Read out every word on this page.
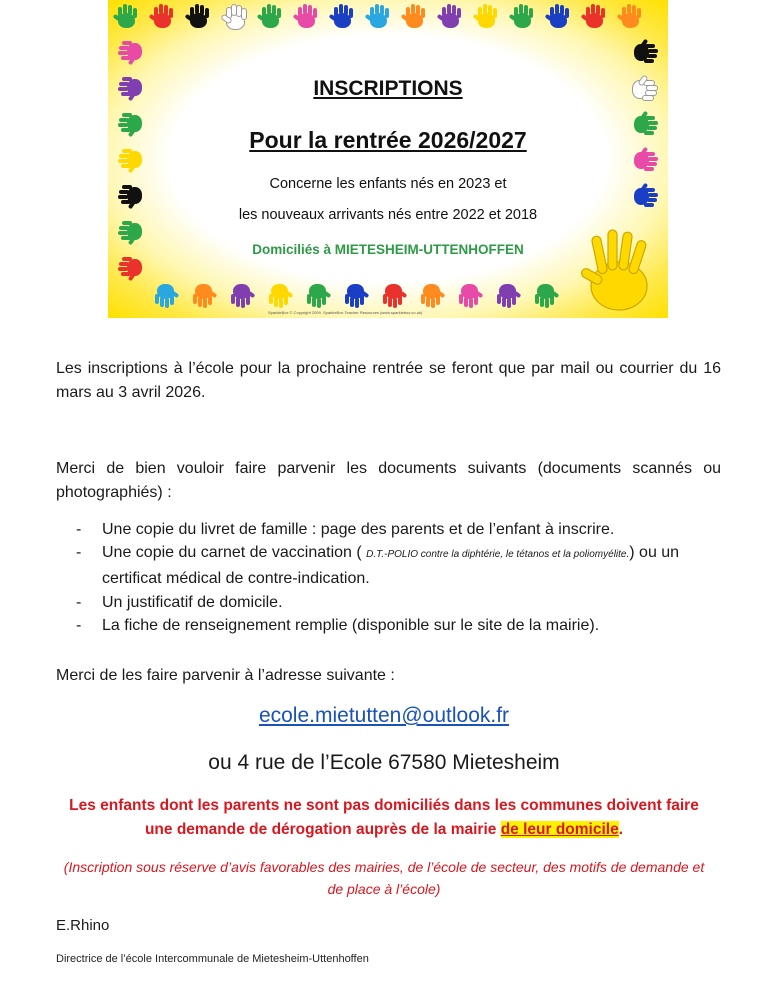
INSCRIPTIONS
Pour la rentrée 2026/2027
Concerne les enfants nés en 2023 et
les nouveaux arrivants nés entre 2022 et 2018
Domiciliés à MIETESHEIM-UTTENHOFFEN
SparkleBox © Copyright 2009, SparkleBox Teacher Resources (www.sparklebox.co.uk)
Les inscriptions à l’école pour la prochaine rentrée se feront que par mail ou courrier du 16 mars au 3 avril 2026.
Merci de bien vouloir faire parvenir les documents suivants (documents scannés ou photographiés) :
- Une copie du livret de famille : page des parents et de l’enfant à inscrire.
- Une copie du carnet de vaccination ( D.T.-POLIO contre la diphtérie, le tétanos et la poliomyélite.) ou un certificat médical de contre-indication.
- Un justificatif de domicile.
- La fiche de renseignement remplie (disponible sur le site de la mairie).
Merci de les faire parvenir à l’adresse suivante :
ecole.mietutten@outlook.fr
ou 4 rue de l’Ecole 67580 Mietesheim
Les enfants dont les parents ne sont pas domiciliés dans les communes doivent faire une demande de dérogation auprès de la mairie de leur domicile.
(Inscription sous réserve d’avis favorables des mairies, de l’école de secteur, des motifs de demande et de place à l’école)
E.Rhino
Directrice de l’école Intercommunale de Mietesheim-Uttenhoffen
